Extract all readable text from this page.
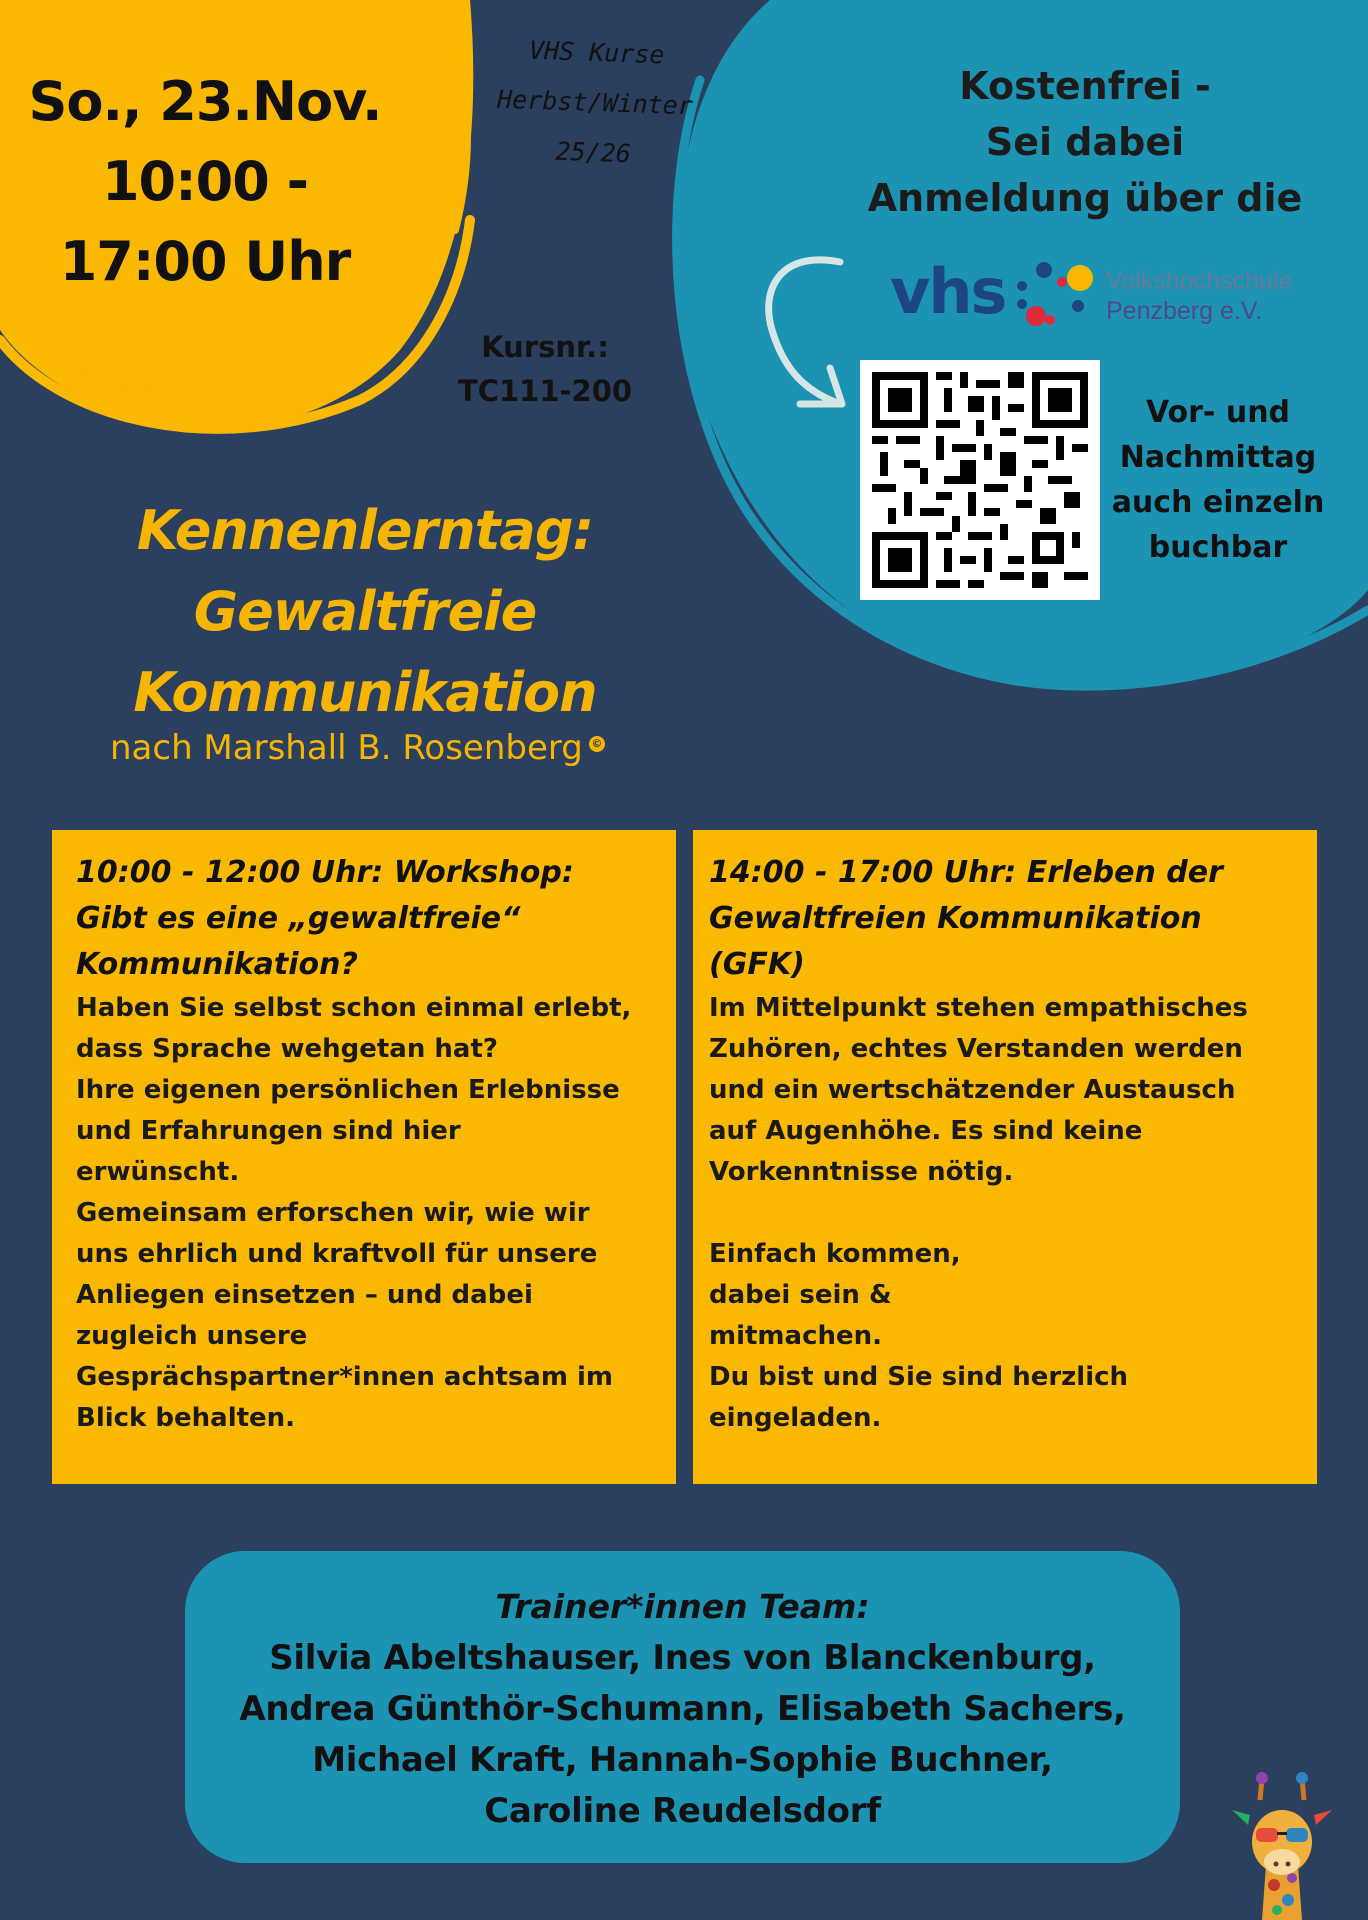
So., 23.Nov.
10:00 -
17:00 Uhr
VHS Kurse
Herbst/Winter
25/26
Kursnr.:
TC111-200
Kostenfrei -
Sei dabei
Anmeldung über die
vhs	Volkshochschule
Penzberg e.V.
Vor- und
Nachmittag
auch einzeln
buchbar
Kennenlerntag:
Gewaltfreie
Kommunikation
nach Marshall B. Rosenberg ©
10:00 - 12:00 Uhr: Workshop:
Gibt es eine „gewaltfreie“
Kommunikation?
Haben Sie selbst schon einmal erlebt,
dass Sprache wehgetan hat?
Ihre eigenen persönlichen Erlebnisse
und Erfahrungen sind hier
erwünscht.
Gemeinsam erforschen wir, wie wir
uns ehrlich und kraftvoll für unsere
Anliegen einsetzen – und dabei
zugleich unsere
Gesprächspartner*innen achtsam im
Blick behalten.
14:00 - 17:00 Uhr: Erleben der
Gewaltfreien Kommunikation
(GFK)
Im Mittelpunkt stehen empathisches
Zuhören, echtes Verstanden werden
und ein wertschätzender Austausch
auf Augenhöhe. Es sind keine
Vorkenntnisse nötig.
Einfach kommen,
dabei sein &
mitmachen.
Du bist und Sie sind herzlich
eingeladen.
Trainer*innen Team:
Silvia Abeltshauser, Ines von Blanckenburg,
Andrea Günthör-Schumann, Elisabeth Sachers,
Michael Kraft, Hannah-Sophie Buchner,
Caroline Reudelsdorf
